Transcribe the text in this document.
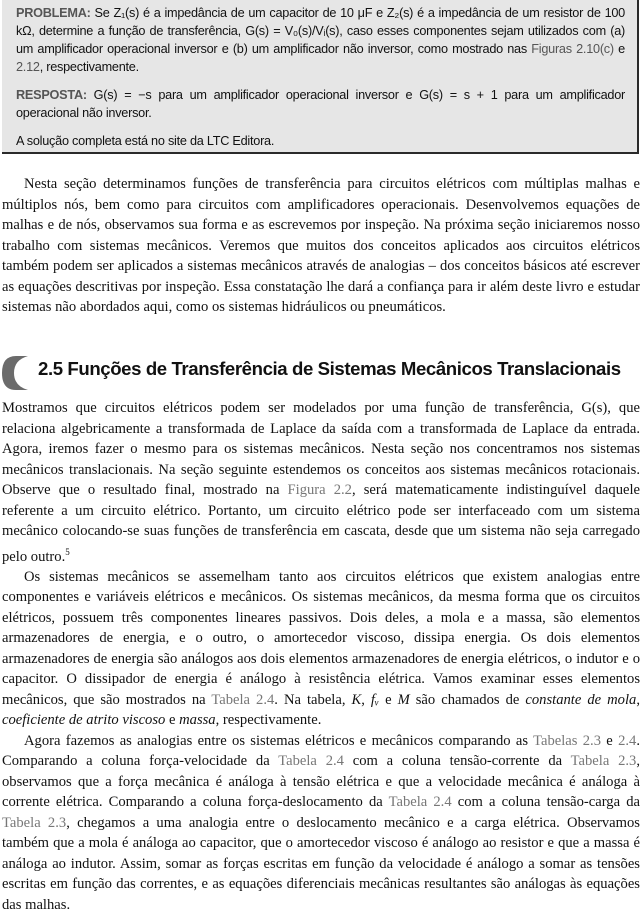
PROBLEMA: Se Z₁(s) é a impedância de um capacitor de 10 μF e Z₂(s) é a impedância de um resistor de 100 kΩ, determine a função de transferência, G(s) = V₀(s)/Vᵢ(s), caso esses componentes sejam utilizados com (a) um amplificador operacional inversor e (b) um amplificador não inversor, como mostrado nas Figuras 2.10(c) e 2.12, respectivamente.

RESPOSTA: G(s) = −s para um amplificador operacional inversor e G(s) = s + 1 para um amplificador operacional não inversor.

A solução completa está no site da LTC Editora.

Nesta seção determinamos funções de transferência para circuitos elétricos com múltiplas malhas e múltiplos nós, bem como para circuitos com amplificadores operacionais. Desenvolvemos equações de malhas e de nós, observamos sua forma e as escrevemos por inspeção. Na próxima seção iniciaremos nosso trabalho com sistemas mecânicos. Veremos que muitos dos conceitos aplicados aos circuitos elétricos também podem ser aplicados a sistemas mecânicos através de analogias – dos conceitos básicos até escrever as equações descritivas por inspeção. Essa constatação lhe dará a confiança para ir além deste livro e estudar sistemas não abordados aqui, como os sistemas hidráulicos ou pneumáticos.

2.5 Funções de Transferência de Sistemas Mecânicos Translacionais

Mostramos que circuitos elétricos podem ser modelados por uma função de transferência, G(s), que relaciona algebricamente a transformada de Laplace da saída com a transformada de Laplace da entrada. Agora, iremos fazer o mesmo para os sistemas mecânicos. Nesta seção nos concentramos nos sistemas mecânicos translacionais. Na seção seguinte estendemos os conceitos aos sistemas mecânicos rotacionais. Observe que o resultado final, mostrado na Figura 2.2, será matematicamente indistinguível daquele referente a um circuito elétrico. Portanto, um circuito elétrico pode ser interfaceado com um sistema mecânico colocando-se suas funções de transferência em cascata, desde que um sistema não seja carregado pelo outro.$^5$

Os sistemas mecânicos se assemelham tanto aos circuitos elétricos que existem analogias entre componentes e variáveis elétricos e mecânicos. Os sistemas mecânicos, da mesma forma que os circuitos elétricos, possuem três componentes lineares passivos. Dois deles, a mola e a massa, são elementos armazenadores de energia, e o outro, o amortecedor viscoso, dissipa energia. Os dois elementos armazenadores de energia são análogos aos dois elementos armazenadores de energia elétricos, o indutor e o capacitor. O dissipador de energia é análogo à resistência elétrica. Vamos examinar esses elementos mecânicos, que são mostrados na Tabela 2.4. Na tabela, K, fᵥ e M são chamados de constante de mola, coeficiente de atrito viscoso e massa, respectivamente.

Agora fazemos as analogias entre os sistemas elétricos e mecânicos comparando as Tabelas 2.3 e 2.4. Comparando a coluna força-velocidade da Tabela 2.4 com a coluna tensão-corrente da Tabela 2.3, observamos que a força mecânica é análoga à tensão elétrica e que a velocidade mecânica é análoga à corrente elétrica. Comparando a coluna força-deslocamento da Tabela 2.4 com a coluna tensão-carga da Tabela 2.3, chegamos a uma analogia entre o deslocamento mecânico e a carga elétrica. Observamos também que a mola é análoga ao capacitor, que o amortecedor viscoso é análogo ao resistor e que a massa é análoga ao indutor. Assim, somar as forças escritas em função da velocidade é análogo a somar as tensões escritas em função das correntes, e as equações diferenciais mecânicas resultantes são análogas às equações das malhas.
